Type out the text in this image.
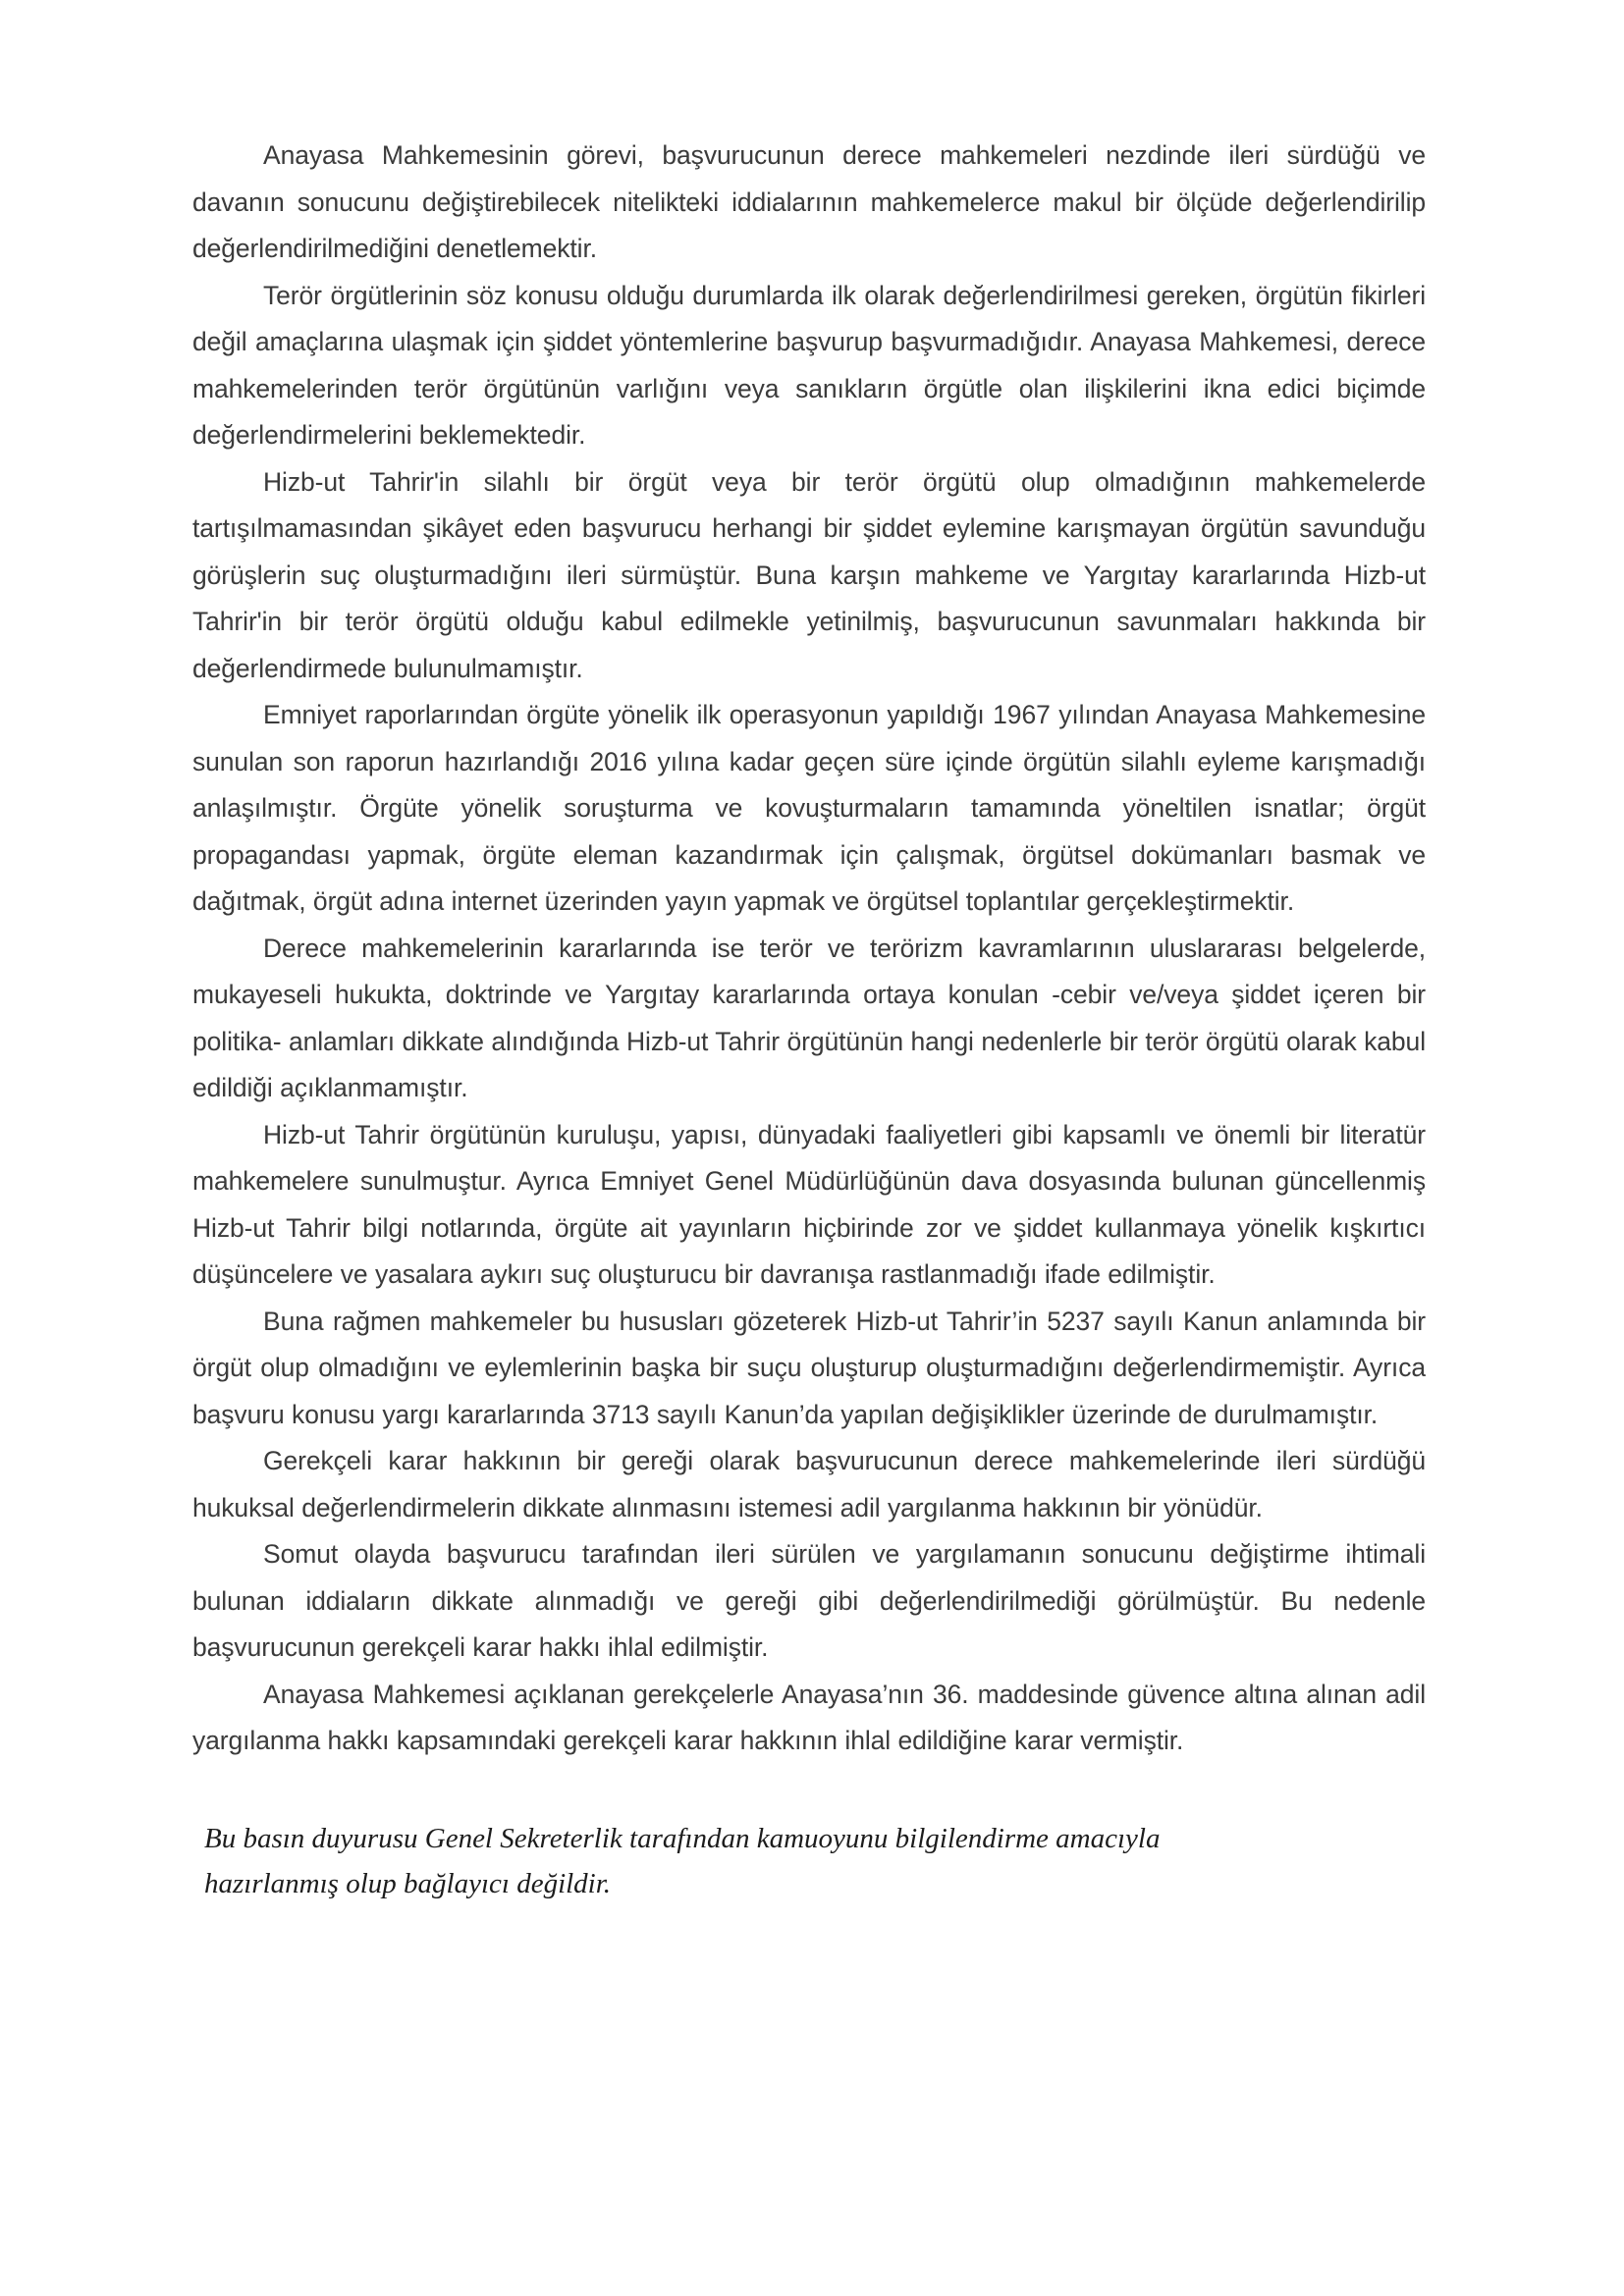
Anayasa Mahkemesinin görevi, başvurucunun derece mahkemeleri nezdinde ileri sürdüğü ve davanın sonucunu değiştirebilecek nitelikteki iddialarının mahkemelerce makul bir ölçüde değerlendirilip değerlendirilmediğini denetlemektir.

Terör örgütlerinin söz konusu olduğu durumlarda ilk olarak değerlendirilmesi gereken, örgütün fikirleri değil amaçlarına ulaşmak için şiddet yöntemlerine başvurup başvurmadığıdır. Anayasa Mahkemesi, derece mahkemelerinden terör örgütünün varlığını veya sanıkların örgütle olan ilişkilerini ikna edici biçimde değerlendirmelerini beklemektedir.

Hizb-ut Tahrir'in silahlı bir örgüt veya bir terör örgütü olup olmadığının mahkemelerde tartışılmamasından şikâyet eden başvurucu herhangi bir şiddet eylemine karışmayan örgütün savunduğu görüşlerin suç oluşturmadığını ileri sürmüştür. Buna karşın mahkeme ve Yargıtay kararlarında Hizb-ut Tahrir'in bir terör örgütü olduğu kabul edilmekle yetinilmiş, başvurucunun savunmaları hakkında bir değerlendirmede bulunulmamıştır.

Emniyet raporlarından örgüte yönelik ilk operasyonun yapıldığı 1967 yılından Anayasa Mahkemesine sunulan son raporun hazırlandığı 2016 yılına kadar geçen süre içinde örgütün silahlı eyleme karışmadığı anlaşılmıştır. Örgüte yönelik soruşturma ve kovuşturmaların tamamında yöneltilen isnatlar; örgüt propagandası yapmak, örgüte eleman kazandırmak için çalışmak, örgütsel dokümanları basmak ve dağıtmak, örgüt adına internet üzerinden yayın yapmak ve örgütsel toplantılar gerçekleştirmektir.

Derece mahkemelerinin kararlarında ise terör ve terörizm kavramlarının uluslararası belgelerde, mukayeseli hukukta, doktrinde ve Yargıtay kararlarında ortaya konulan -cebir ve/veya şiddet içeren bir politika- anlamları dikkate alındığında Hizb-ut Tahrir örgütünün hangi nedenlerle bir terör örgütü olarak kabul edildiği açıklanmamıştır.

Hizb-ut Tahrir örgütünün kuruluşu, yapısı, dünyadaki faaliyetleri gibi kapsamlı ve önemli bir literatür mahkemelere sunulmuştur. Ayrıca Emniyet Genel Müdürlüğünün dava dosyasında bulunan güncellenmiş Hizb-ut Tahrir bilgi notlarında, örgüte ait yayınların hiçbirinde zor ve şiddet kullanmaya yönelik kışkırtıcı düşüncelere ve yasalara aykırı suç oluşturucu bir davranışa rastlanmadığı ifade edilmiştir.

Buna rağmen mahkemeler bu hususları gözeterek Hizb-ut Tahrir’in 5237 sayılı Kanun anlamında bir örgüt olup olmadığını ve eylemlerinin başka bir suçu oluşturup oluşturmadığını değerlendirmemiştir. Ayrıca başvuru konusu yargı kararlarında 3713 sayılı Kanun’da yapılan değişiklikler üzerinde de durulmamıştır.

Gerekçeli karar hakkının bir gereği olarak başvurucunun derece mahkemelerinde ileri sürdüğü hukuksal değerlendirmelerin dikkate alınmasını istemesi adil yargılanma hakkının bir yönüdür.

Somut olayda başvurucu tarafından ileri sürülen ve yargılamanın sonucunu değiştirme ihtimali bulunan iddiaların dikkate alınmadığı ve gereği gibi değerlendirilmediği görülmüştür. Bu nedenle başvurucunun gerekçeli karar hakkı ihlal edilmiştir.

Anayasa Mahkemesi açıklanan gerekçelerle Anayasa’nın 36. maddesinde güvence altına alınan adil yargılanma hakkı kapsamındaki gerekçeli karar hakkının ihlal edildiğine karar vermiştir.

Bu basın duyurusu Genel Sekreterlik tarafından kamuoyunu bilgilendirme amacıyla hazırlanmış olup bağlayıcı değildir.
